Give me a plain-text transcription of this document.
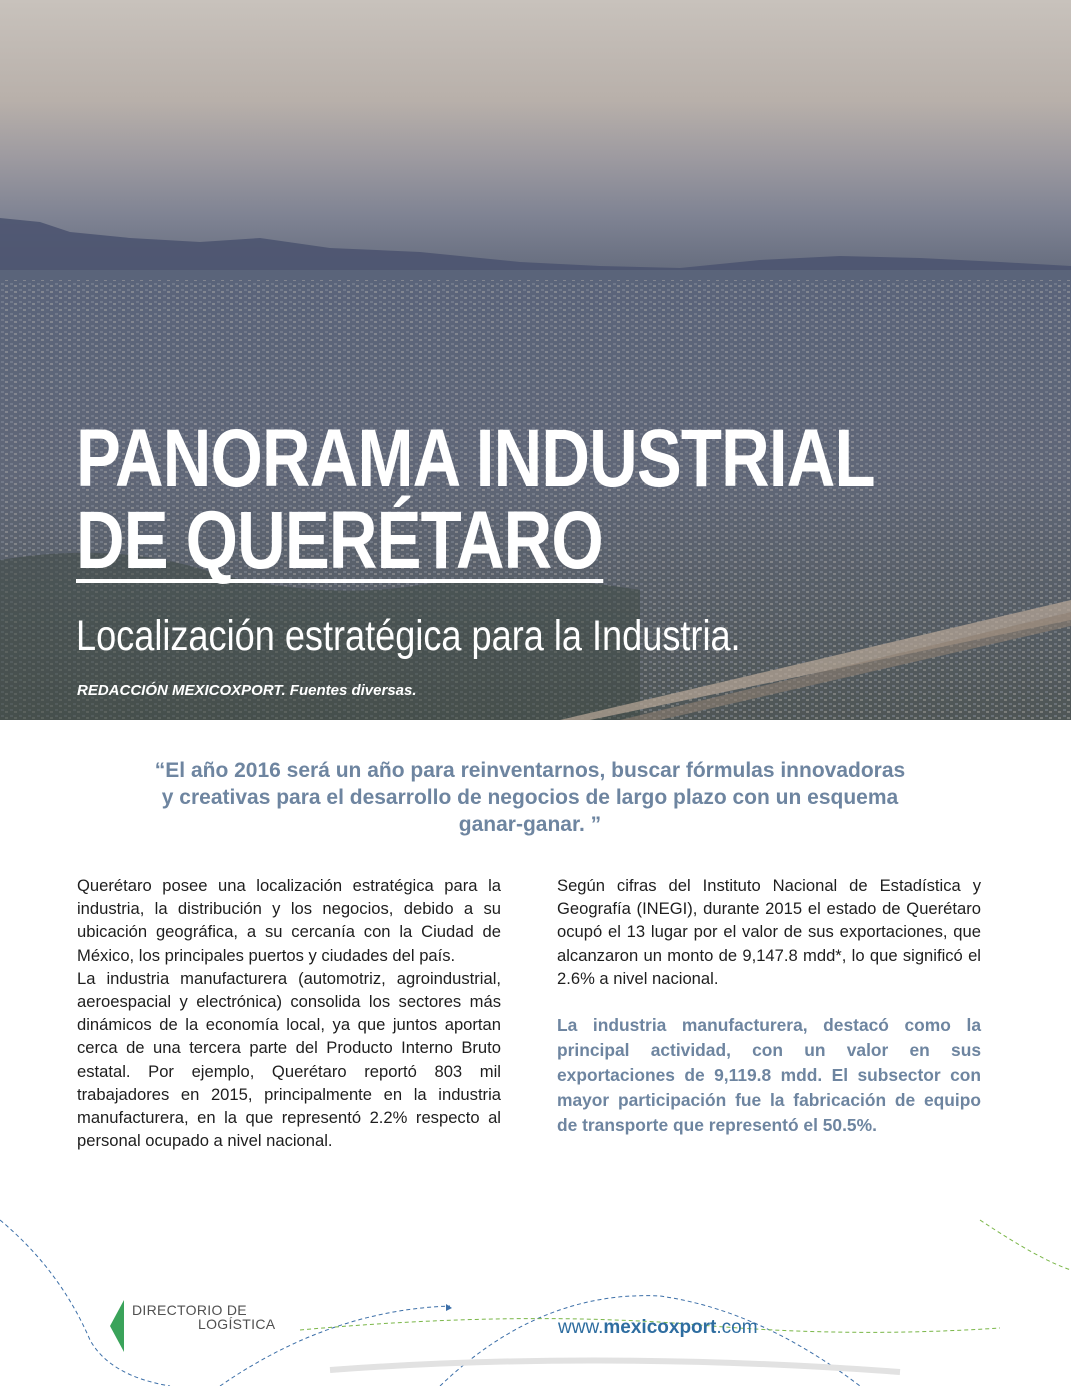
PANORAMA INDUSTRIAL
DE QUERÉTARO
Localización estratégica para la Industria.
REDACCIÓN MEXICOXPORT. Fuentes diversas.

“El año 2016 será un año para reinventarnos, buscar fórmulas innovadoras y creativas para el desarrollo de negocios de largo plazo con un esquema ganar-ganar. ”

Querétaro posee una localización estratégica para la industria, la distribución y los negocios, debido a su ubicación geográfica, a su cercanía con la Ciudad de México, los principales puertos y ciudades del país.

La industria manufacturera (automotriz, agroindustrial, aeroespacial y electrónica) consolida los sectores más dinámicos de la economía local, ya que juntos aportan cerca de una tercera parte del Producto Interno Bruto estatal. Por ejemplo, Querétaro reportó 803 mil trabajadores en 2015, principalmente en la industria manufacturera, en la que representó 2.2% respecto al personal ocupado a nivel nacional.

Según cifras del Instituto Nacional de Estadística y Geografía (INEGI), durante 2015 el estado de Querétaro ocupó el 13 lugar por el valor de sus exportaciones, que alcanzaron un monto de 9,147.8 mdd*, lo que significó el 2.6% a nivel nacional.

La industria manufacturera, destacó como la principal actividad, con un valor en sus exportaciones de 9,119.8 mdd. El subsector con mayor participación fue la fabricación de equipo de transporte que representó el 50.5%.

DIRECTORIO DE
LOGÍSTICA	www.mexicoxport.com
